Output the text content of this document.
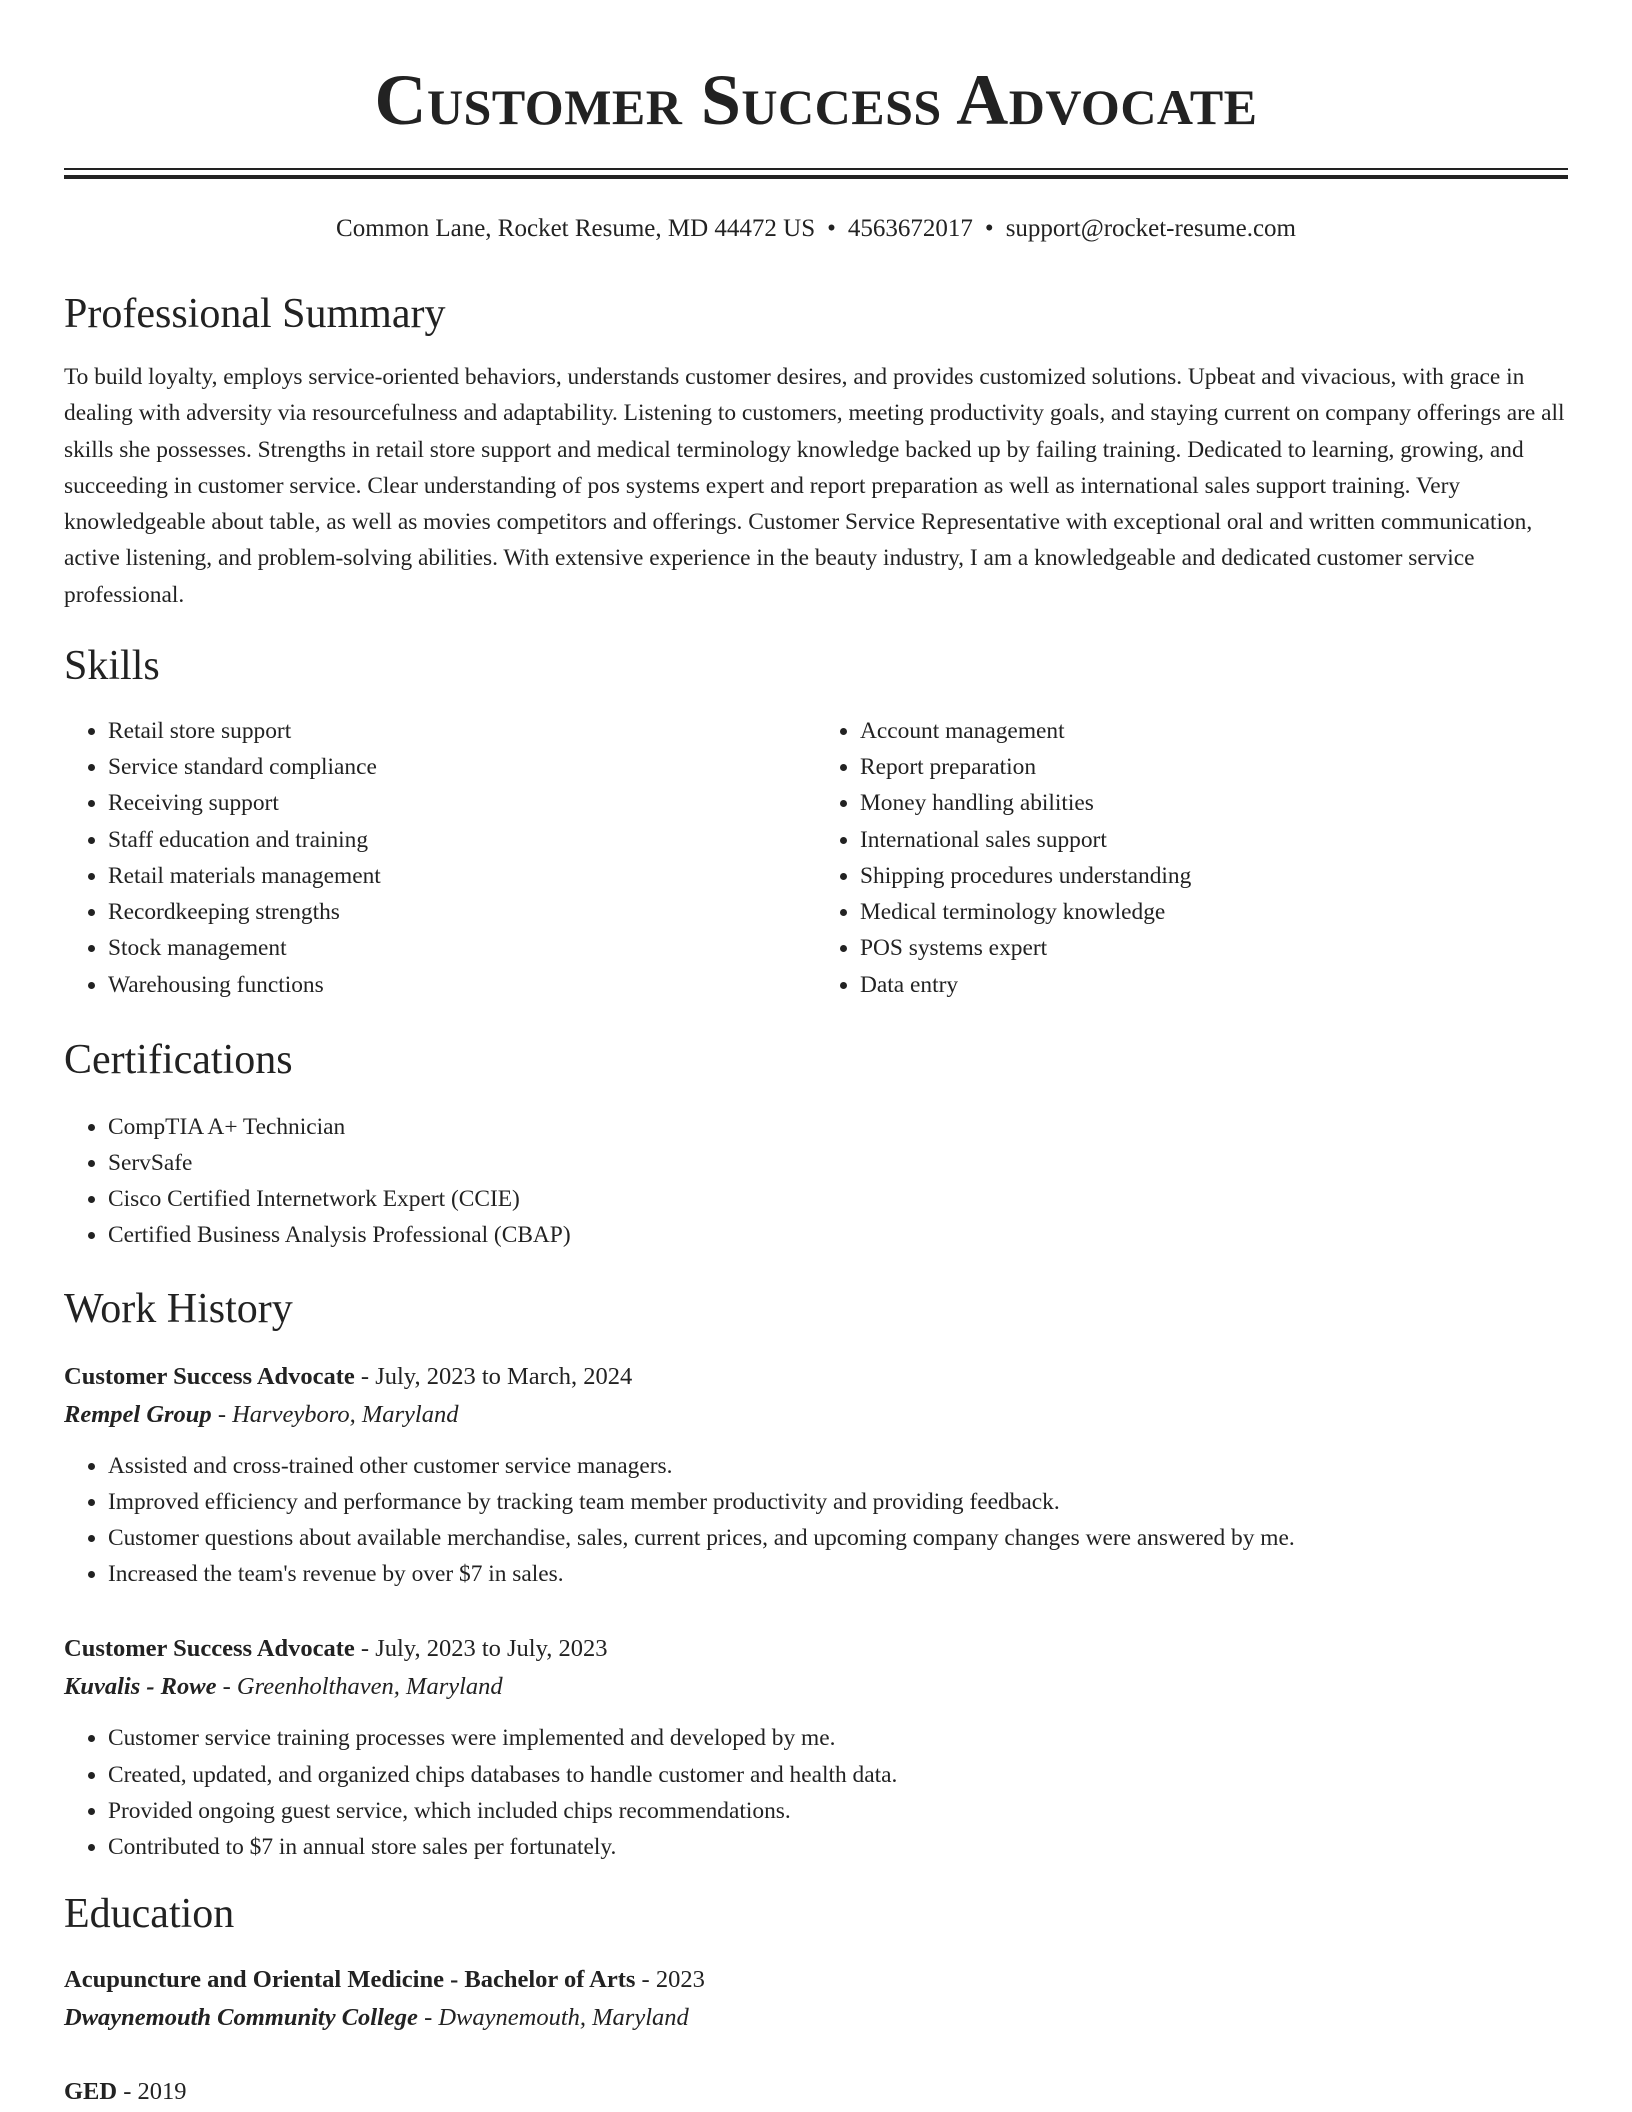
Customer Success Advocate
Common Lane, Rocket Resume, MD 44472 US • 4563672017 • support@rocket-resume.com
Professional Summary
To build loyalty, employs service-oriented behaviors, understands customer desires, and provides customized solutions. Upbeat and vivacious, with grace in dealing with adversity via resourcefulness and adaptability. Listening to customers, meeting productivity goals, and staying current on company offerings are all skills she possesses. Strengths in retail store support and medical terminology knowledge backed up by failing training. Dedicated to learning, growing, and succeeding in customer service. Clear understanding of pos systems expert and report preparation as well as international sales support training. Very knowledgeable about table, as well as movies competitors and offerings. Customer Service Representative with exceptional oral and written communication, active listening, and problem-solving abilities. With extensive experience in the beauty industry, I am a knowledgeable and dedicated customer service professional.
Skills
• Retail store support
• Service standard compliance
• Receiving support
• Staff education and training
• Retail materials management
• Recordkeeping strengths
• Stock management
• Warehousing functions
• Account management
• Report preparation
• Money handling abilities
• International sales support
• Shipping procedures understanding
• Medical terminology knowledge
• POS systems expert
• Data entry
Certifications
• CompTIA A+ Technician
• ServSafe
• Cisco Certified Internetwork Expert (CCIE)
• Certified Business Analysis Professional (CBAP)
Work History
Customer Success Advocate - July, 2023 to March, 2024
Rempel Group - Harveyboro, Maryland
• Assisted and cross-trained other customer service managers.
• Improved efficiency and performance by tracking team member productivity and providing feedback.
• Customer questions about available merchandise, sales, current prices, and upcoming company changes were answered by me.
• Increased the team's revenue by over $7 in sales.
Customer Success Advocate - July, 2023 to July, 2023
Kuvalis - Rowe - Greenholthaven, Maryland
• Customer service training processes were implemented and developed by me.
• Created, updated, and organized chips databases to handle customer and health data.
• Provided ongoing guest service, which included chips recommendations.
• Contributed to $7 in annual store sales per fortunately.
Education
Acupuncture and Oriental Medicine - Bachelor of Arts - 2023
Dwaynemouth Community College - Dwaynemouth, Maryland
GED - 2019
